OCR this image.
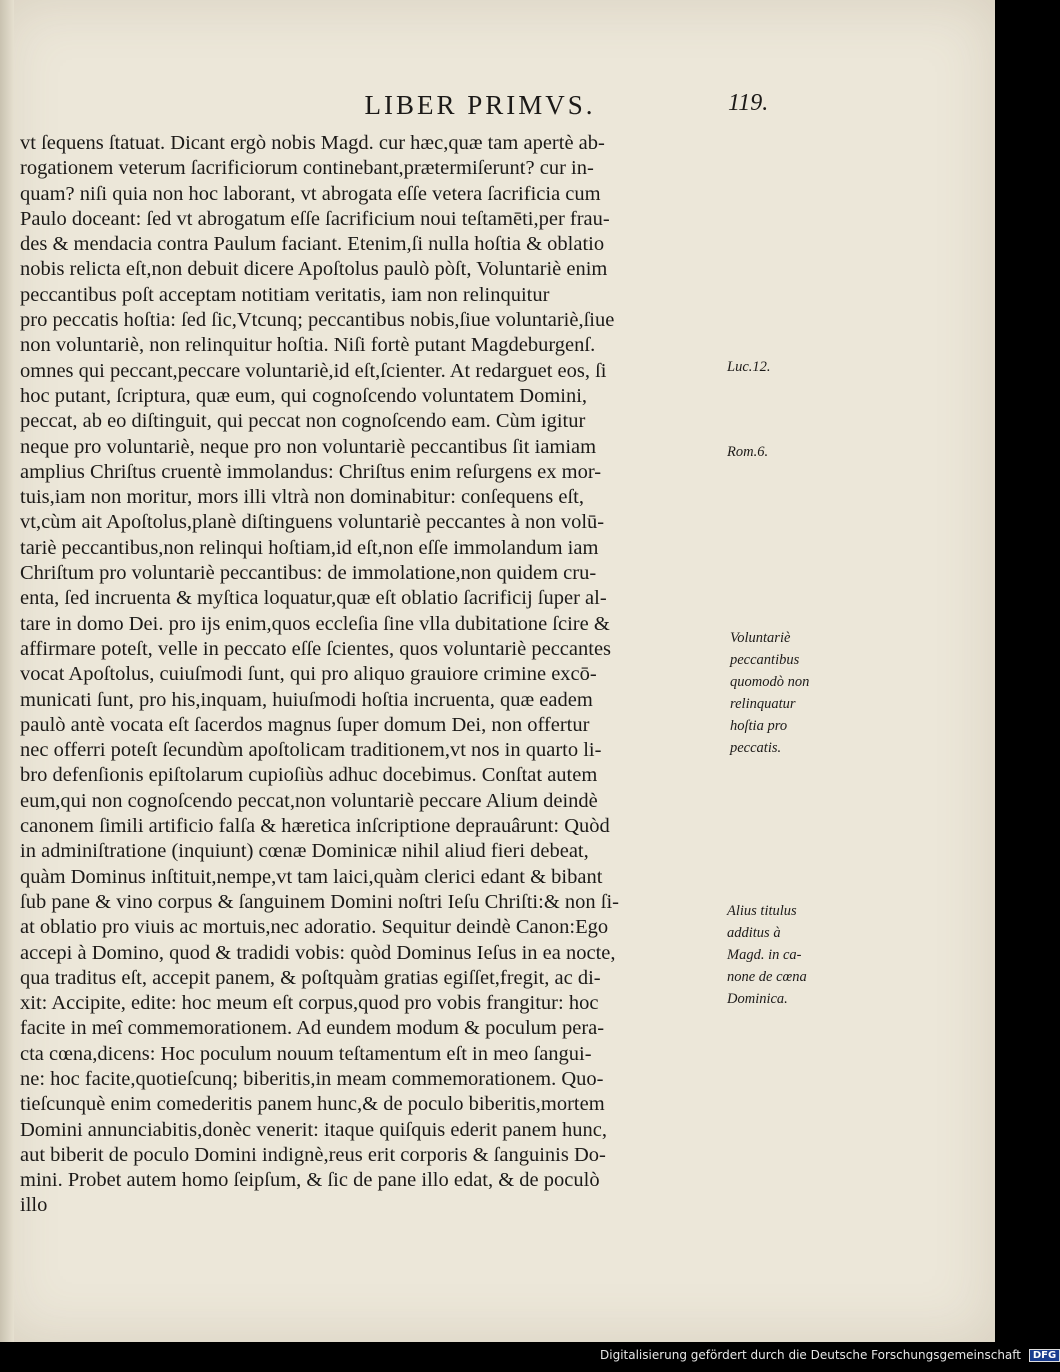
LIBER PRIMVS.	119.
vt ſequens ſtatuat. Dicant ergò nobis Magd. cur hæc,quæ tam apertè ab-
rogationem veterum ſacrificiorum continebant,prætermiſerunt? cur in-
quam? niſi quia non hoc laborant, vt abrogata eſſe vetera ſacrificia cum
Paulo doceant: ſed vt abrogatum eſſe ſacrificium noui teſtamēti,per frau-
des & mendacia contra Paulum faciant. Etenim,ſi nulla hoſtia & oblatio
nobis relicta eſt,non debuit dicere Apoſtolus paulò pòſt, Voluntariè enim
peccantibus poſt acceptam notitiam veritatis, iam non relinquitur
pro peccatis hoſtia: ſed ſic,Vtcunq; peccantibus nobis,ſiue voluntariè,ſiue
non voluntariè, non relinquitur hoſtia. Niſi fortè putant Magdeburgenſ.
omnes qui peccant,peccare voluntariè,id eſt,ſcienter. At redarguet eos, ſi
hoc putant, ſcriptura, quæ eum, qui cognoſcendo voluntatem Domini,
peccat, ab eo diſtinguit, qui peccat non cognoſcendo eam. Cùm igitur
neque pro voluntariè, neque pro non voluntariè peccantibus ſit iamiam
amplius Chriſtus cruentè immolandus: Chriſtus enim reſurgens ex mor-
tuis,iam non moritur, mors illi vltrà non dominabitur: conſequens eſt,
vt,cùm ait Apoſtolus,planè diſtinguens voluntariè peccantes à non volū-
tariè peccantibus,non relinqui hoſtiam,id eſt,non eſſe immolandum iam
Chriſtum pro voluntariè peccantibus: de immolatione,non quidem cru-
enta, ſed incruenta & myſtica loquatur,quæ eſt oblatio ſacrificij ſuper al-
tare in domo Dei. pro ijs enim,quos eccleſia ſine vlla dubitatione ſcire &
affirmare poteſt, velle in peccato eſſe ſcientes, quos voluntariè peccantes
vocat Apoſtolus, cuiuſmodi ſunt, qui pro aliquo grauiore crimine excō-
municati ſunt, pro his,inquam, huiuſmodi hoſtia incruenta, quæ eadem
paulò antè vocata eſt ſacerdos magnus ſuper domum Dei, non offertur
nec offerri poteſt ſecundùm apoſtolicam traditionem,vt nos in quarto li-
bro defenſionis epiſtolarum cupioſiùs adhuc docebimus. Conſtat autem
eum,qui non cognoſcendo peccat,non voluntariè peccare Alium deindè
canonem ſimili artificio falſa & hæretica inſcriptione deprauârunt: Quòd
in adminiſtratione (inquiunt) cœnæ Dominicæ nihil aliud fieri debeat,
quàm Dominus inſtituit,nempe,vt tam laici,quàm clerici edant & bibant
ſub pane & vino corpus & ſanguinem Domini noſtri Ieſu Chriſti:& non ſi-
at oblatio pro viuis ac mortuis,nec adoratio. Sequitur deindè Canon:Ego
accepi à Domino, quod & tradidi vobis: quòd Dominus Ieſus in ea nocte,
qua traditus eſt, accepit panem, & poſtquàm gratias egiſſet,fregit, ac di-
xit: Accipite, edite: hoc meum eſt corpus,quod pro vobis frangitur: hoc
facite in meî commemorationem. Ad eundem modum & poculum pera-
cta cœna,dicens: Hoc poculum nouum teſtamentum eſt in meo ſangui-
ne: hoc facite,quotieſcunq; biberitis,in meam commemorationem. Quo-
tieſcunquè enim comederitis panem hunc,& de poculo biberitis,mortem
Domini annunciabitis,donèc venerit: itaque quiſquis ederit panem hunc,
aut biberit de poculo Domini indignè,reus erit corporis & ſanguinis Do-
mini. Probet autem homo ſeipſum, & ſic de pane illo edat, & de poculò
illo
Luc.12.
Rom.6.
Voluntariè
peccantibus
quomodò non
relinquatur
hoſtia pro
peccatis.
Alius titulus
additus à
Magd. in ca-
none de cœna
Dominica.
Digitalisierung gefördert durch die Deutsche Forschungsgemeinschaft DFG
